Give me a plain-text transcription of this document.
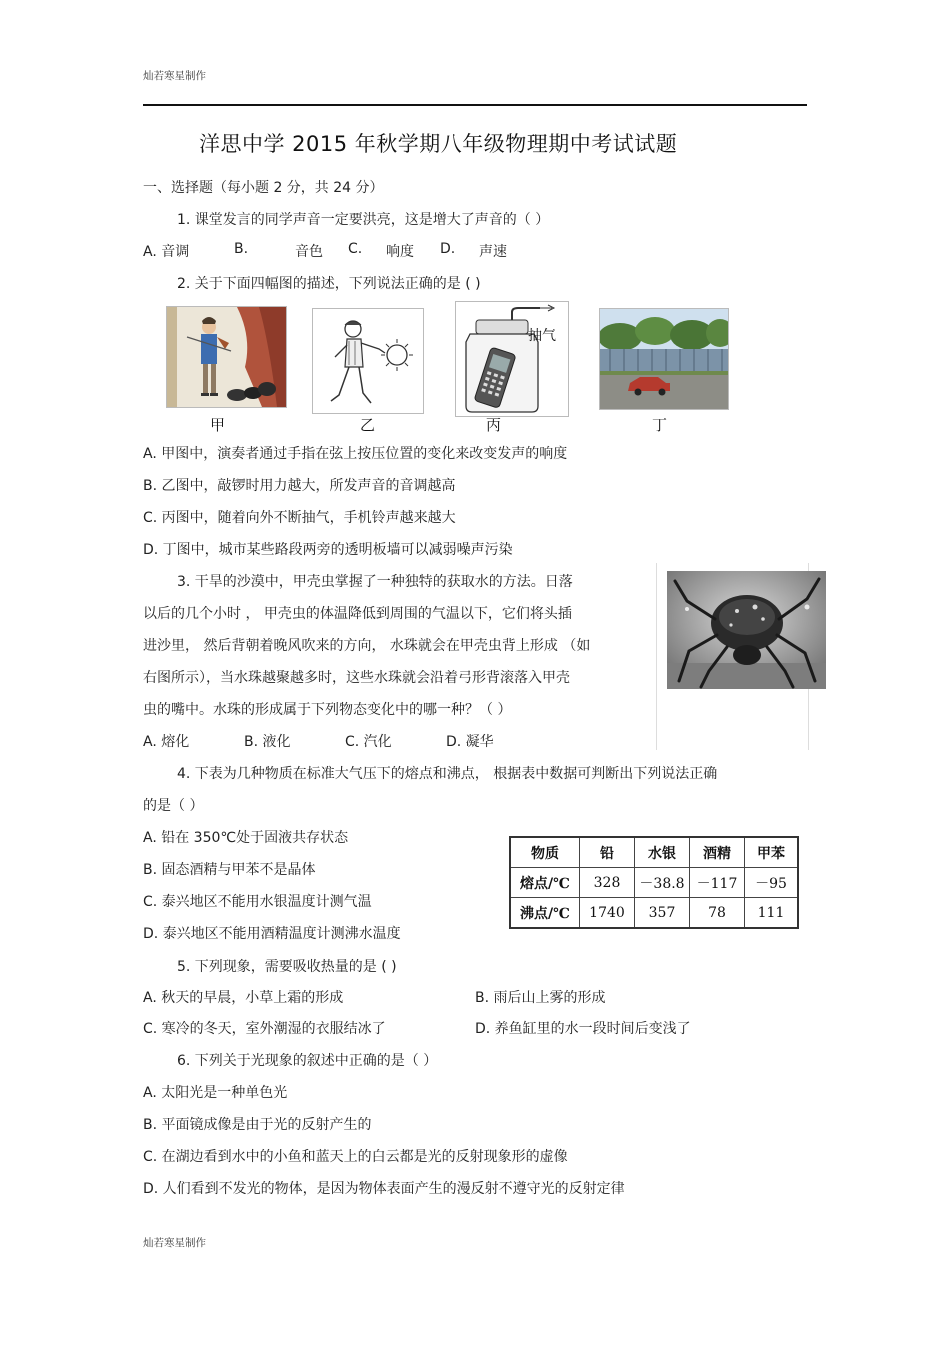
灿若寒星制作
洋思中学 2015 年秋学期八年级物理期中考试试题
一、选择题（每小题 2 分，共 24 分）
1. 课堂发言的同学声音一定要洪亮，这是增大了声音的（ ）
A. 音调	B.	音色 C. 响度 D. 声速
2. 关于下面四幅图的描述，下列说法正确的是 ( )
甲	乙
抽气
丙	丁
A. 甲图中，演奏者通过手指在弦上按压位置的变化来改变发声的响度
B. 乙图中，敲锣时用力越大，所发声音的音调越高
C. 丙图中，随着向外不断抽气，手机铃声越来越大
D. 丁图中，城市某些路段两旁的透明板墙可以减弱噪声污染
3. 干旱的沙漠中，甲壳虫掌握了一种独特的获取水的方法。日落
以后的几个小时 ， 甲壳虫的体温降低到周围的气温以下，它们将头插
进沙里， 然后背朝着晚风吹来的方向， 水珠就会在甲壳虫背上形成 （如
右图所示），当水珠越聚越多时，这些水珠就会沿着弓形背滚落入甲壳
虫的嘴中。水珠的形成属于下列物态变化中的哪一种？（ ）
A. 熔化	B. 液化	C. 汽化	D. 凝华
4. 下表为几种物质在标准大气压下的熔点和沸点， 根据表中数据可判断出下列说法正确
的是（ ）
A. 铅在 350℃处于固液共存状态
B. 固态酒精与甲苯不是晶体
C. 泰兴地区不能用水银温度计测气温
D. 泰兴地区不能用酒精温度计测沸水温度
物质	铅	水银	酒精	甲苯
熔点/℃	328	－38.8	－117	－95
沸点/℃	1740	357	78	111
5. 下列现象，需要吸收热量的是 ( )
A. 秋天的早晨，小草上霜的形成	B. 雨后山上雾的形成
C. 寒冷的冬天，室外潮湿的衣服结冰了	D. 养鱼缸里的水一段时间后变浅了
6. 下列关于光现象的叙述中正确的是（ ）
A. 太阳光是一种单色光
B. 平面镜成像是由于光的反射产生的
C. 在湖边看到水中的小鱼和蓝天上的白云都是光的反射现象形的虚像
D. 人们看到不发光的物体，是因为物体表面产生的漫反射不遵守光的反射定律
灿若寒星制作
